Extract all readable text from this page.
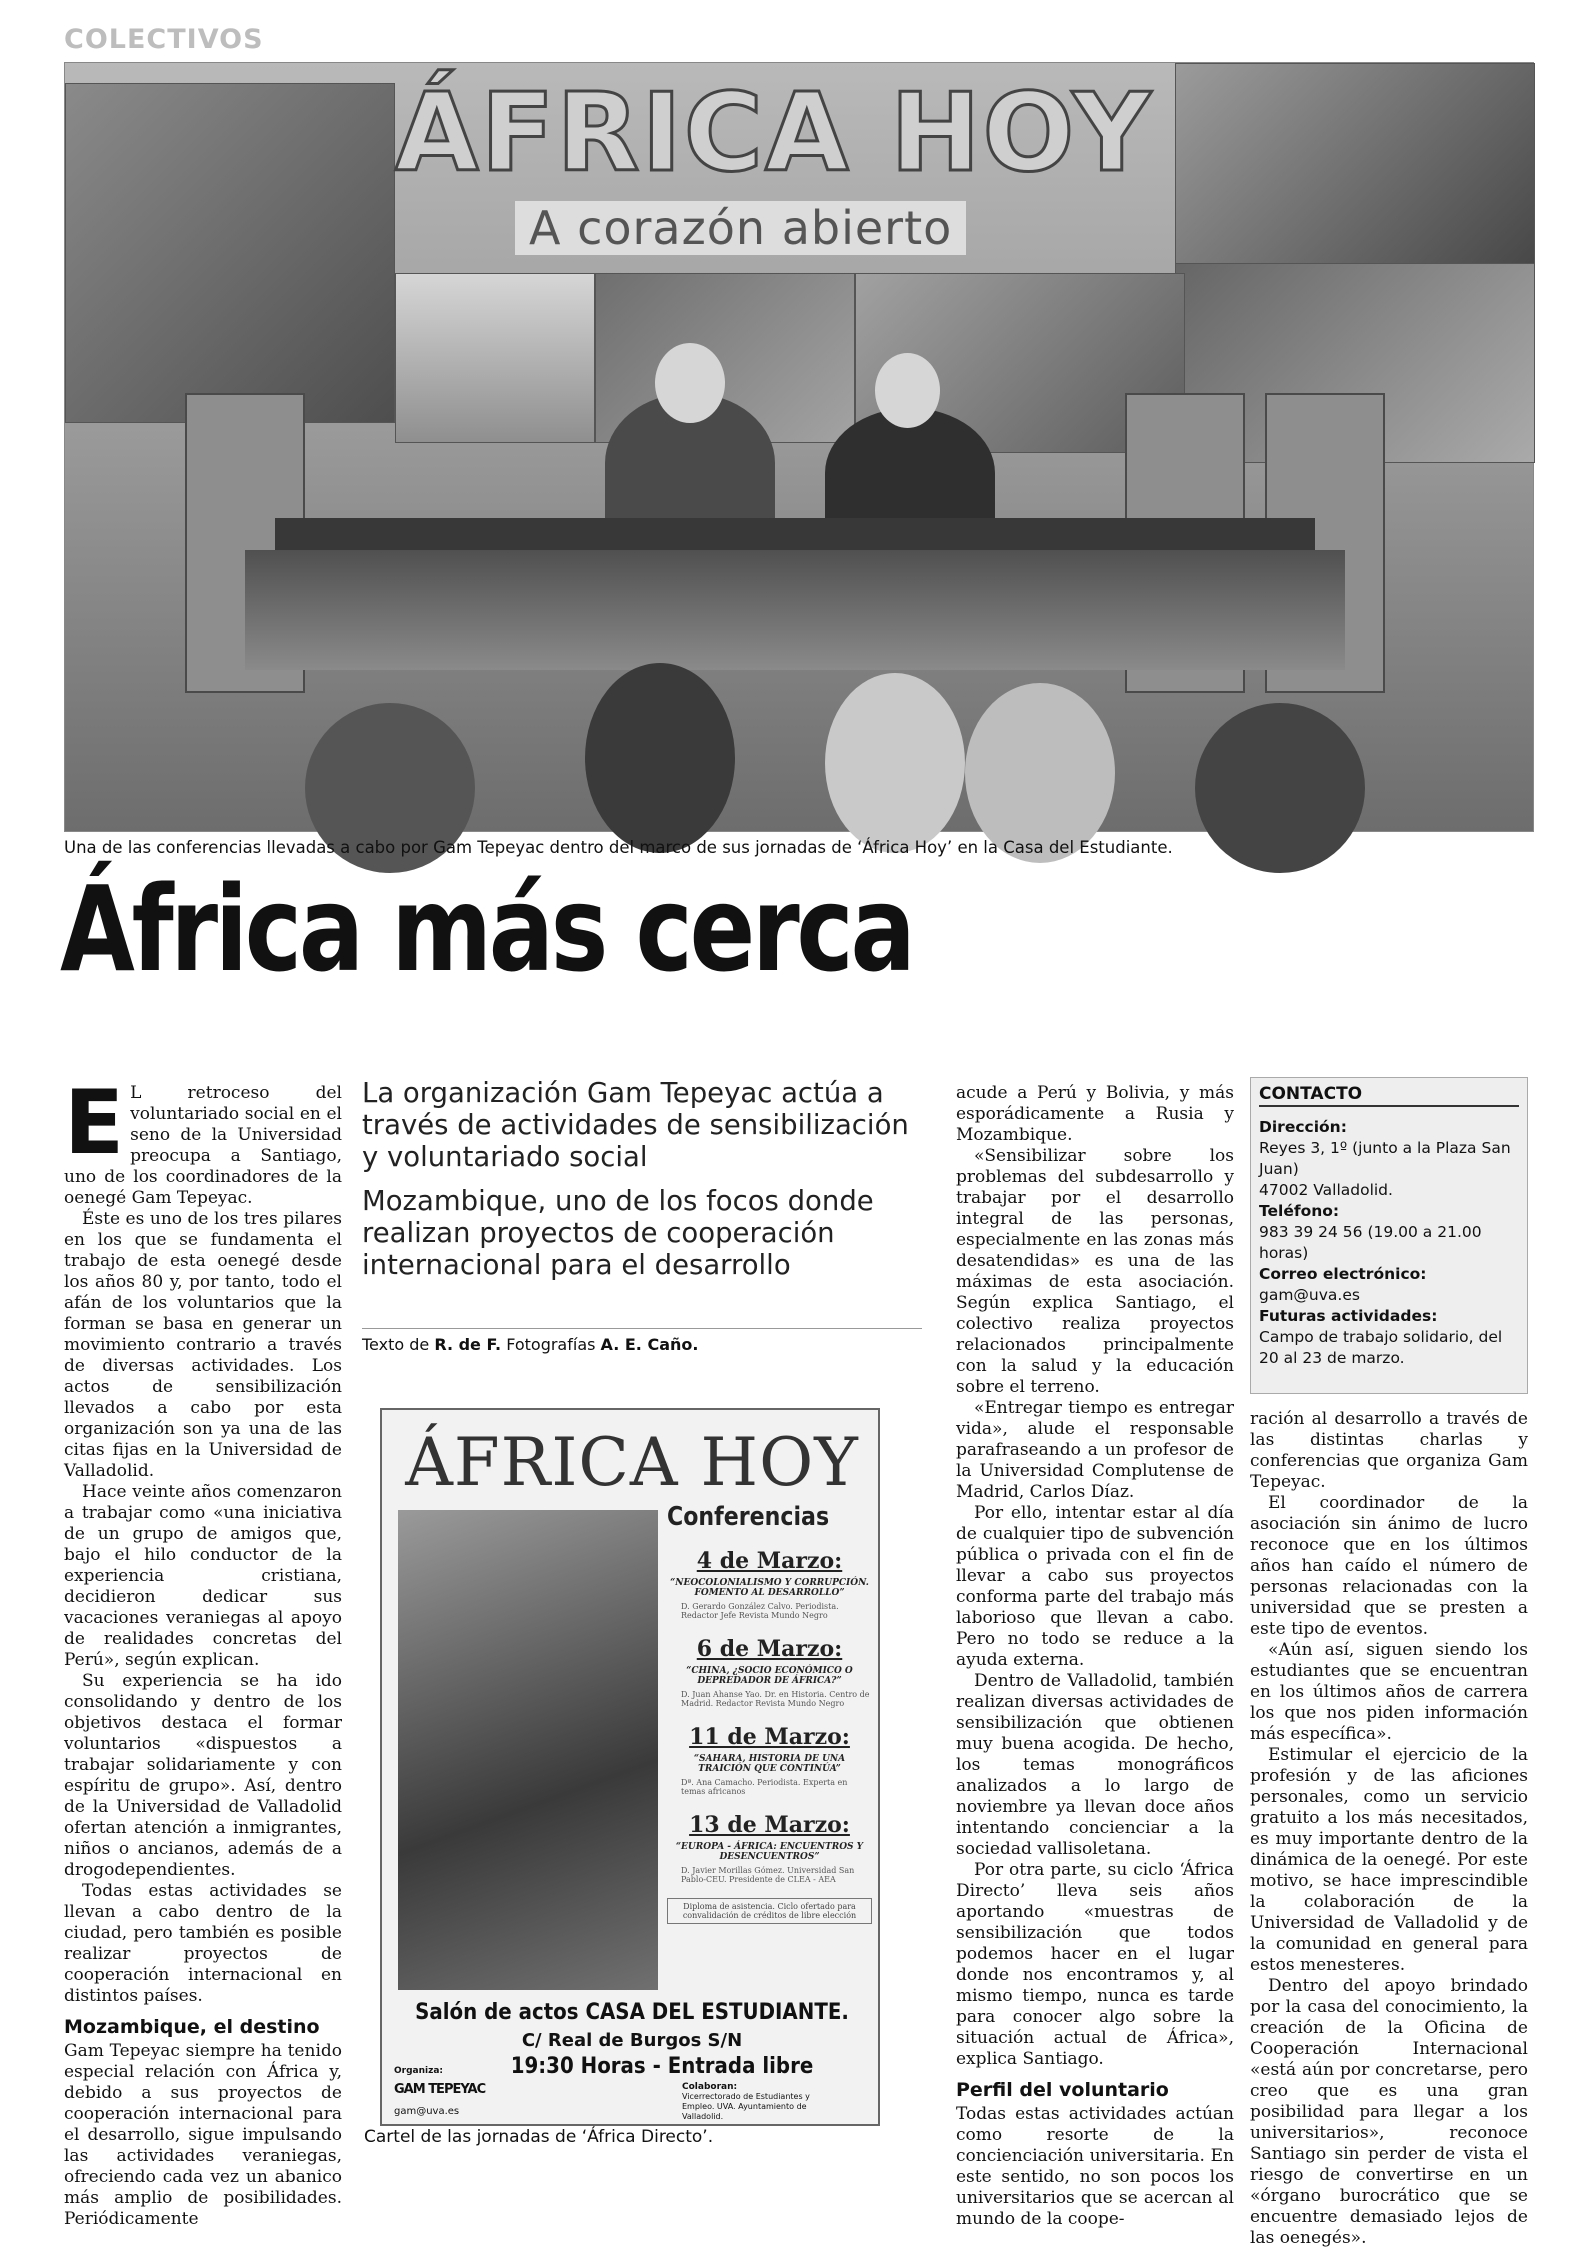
COLECTIVOS
ÁFRICA HOY
A corazón abierto
Una de las conferencias llevadas a cabo por Gam Tepeyac dentro del marco de sus jornadas de ‘África Hoy’ en la Casa del Estudiante.
África más cerca

E L retroceso del voluntariado social en el seno de la Universidad preocupa a Santiago, uno de los coordinadores de la oenegé Gam Tepeyac.

Éste es uno de los tres pilares en los que se fundamenta el trabajo de esta oenegé desde los años 80 y, por tanto, todo el afán de los voluntarios que la forman se basa en generar un movimiento contrario a través de diversas actividades. Los actos de sensibilización llevados a cabo por esta organización son ya una de las citas fijas en la Universidad de Valladolid.

Hace veinte años comenzaron a trabajar como «una iniciativa de un grupo de amigos que, bajo el hilo conductor de la experiencia cristiana, decidieron dedicar sus vacaciones veraniegas al apoyo de realidades concretas del Perú», según explican.

Su experiencia se ha ido consolidando y dentro de los objetivos destaca el formar voluntarios «dispuestos a trabajar solidariamente y con espíritu de grupo». Así, dentro de la Universidad de Valladolid ofertan atención a inmigrantes, niños o ancianos, además de a drogodependientes.

Todas estas actividades se llevan a cabo dentro de la ciudad, pero también es posible realizar proyectos de cooperación internacional en distintos países.

Mozambique, el destino

Gam Tepeyac siempre ha tenido especial relación con África y, debido a sus proyectos de cooperación internacional para el desarrollo, sigue impulsando las actividades veraniegas, ofreciendo cada vez un abanico más amplio de posibilidades. Periódicamente

La organización Gam Tepeyac actúa a través de actividades de sensibilización y voluntariado social

Mozambique, uno de los focos donde realizan proyectos de cooperación internacional para el desarrollo

Texto de R. de F. Fotografías A. E. Caño.
ÁFRICA HOY
Conferencias
4 de Marzo:
“NEOCOLONIALISMO Y CORRUPCIÓN. FOMENTO AL DESARROLLO”
D. Gerardo González Calvo. Periodista. Redactor Jefe Revista Mundo Negro
6 de Marzo:
“CHINA, ¿SOCIO ECONÓMICO O DEPREDADOR DE ÁFRICA?”
D. Juan Ahanse Yao. Dr. en Historia. Centro de Madrid. Redactor Revista Mundo Negro
11 de Marzo:
“SAHARA, HISTORIA DE UNA TRAICIÓN QUE CONTINÚA”
Dª. Ana Camacho. Periodista. Experta en temas africanos
13 de Marzo:
“EUROPA - ÁFRICA: ENCUENTROS Y DESENCUENTROS”
D. Javier Morillas Gómez. Universidad San Pablo-CEU. Presidente de CLEA - AEA
Diploma de asistencia. Ciclo ofertado para convalidación de créditos de libre elección
Salón de actos CASA DEL ESTUDIANTE.
C/ Real de Burgos S/N
19:30 Horas - Entrada libre
Organiza:
GAM TEPEYAC
gam@uva.es
Colaboran:
Vicerrectorado de Estudiantes y Empleo. UVA. Ayuntamiento de Valladolid.
Cartel de las jornadas de ‘África Directo’.

acude a Perú y Bolivia, y más esporádicamente a Rusia y Mozambique.

«Sensibilizar sobre los problemas del subdesarrollo y trabajar por el desarrollo integral de las personas, especialmente en las zonas más desatendidas» es una de las máximas de esta asociación. Según explica Santiago, el colectivo realiza proyectos relacionados principalmente con la salud y la educación sobre el terreno.

«Entregar tiempo es entregar vida», alude el responsable parafraseando a un profesor de la Universidad Complutense de Madrid, Carlos Díaz.

Por ello, intentar estar al día de cualquier tipo de subvención pública o privada con el fin de llevar a cabo sus proyectos conforma parte del trabajo más laborioso que llevan a cabo. Pero no todo se reduce a la ayuda externa.

Dentro de Valladolid, también realizan diversas actividades de sensibilización que obtienen muy buena acogida. De hecho, los temas monográficos analizados a lo largo de noviembre ya llevan doce años intentando concienciar a la sociedad vallisoletana.

Por otra parte, su ciclo ‘África Directo’ lleva seis años aportando «muestras de sensibilización que todos podemos hacer en el lugar donde nos encontramos y, al mismo tiempo, nunca es tarde para conocer algo sobre la situación actual de África», explica Santiago.

Perfil del voluntario

Todas estas actividades actúan como resorte de la concienciación universitaria. En este sentido, no son pocos los universitarios que se acercan al mundo de la coope-

CONTACTO
Dirección:
Reyes 3, 1º (junto a la Plaza San Juan)
47002 Valladolid.
Teléfono:
983 39 24 56 (19.00 a 21.00 horas)
Correo electrónico:
gam@uva.es
Futuras actividades:
Campo de trabajo solidario, del 20 al 23 de marzo.

ración al desarrollo a través de las distintas charlas y conferencias que organiza Gam Tepeyac.

El coordinador de la asociación sin ánimo de lucro reconoce que en los últimos años han caído el número de personas relacionadas con la universidad que se presten a este tipo de eventos.

«Aún así, siguen siendo los estudiantes que se encuentran en los últimos años de carrera los que nos piden información más específica».

Estimular el ejercicio de la profesión y de las aficiones personales, como un servicio gratuito a los más necesitados, es muy importante dentro de la dinámica de la oenegé. Por este motivo, se hace imprescindible la colaboración de la Universidad de Valladolid y de la comunidad en general para estos menesteres.

Dentro del apoyo brindado por la casa del conocimiento, la creación de la Oficina de Cooperación Internacional «está aún por concretarse, pero creo que es una gran posibilidad para llegar a los universitarios», reconoce Santiago sin perder de vista el riesgo de convertirse en un «órgano burocrático que se encuentre demasiado lejos de las oenegés».
